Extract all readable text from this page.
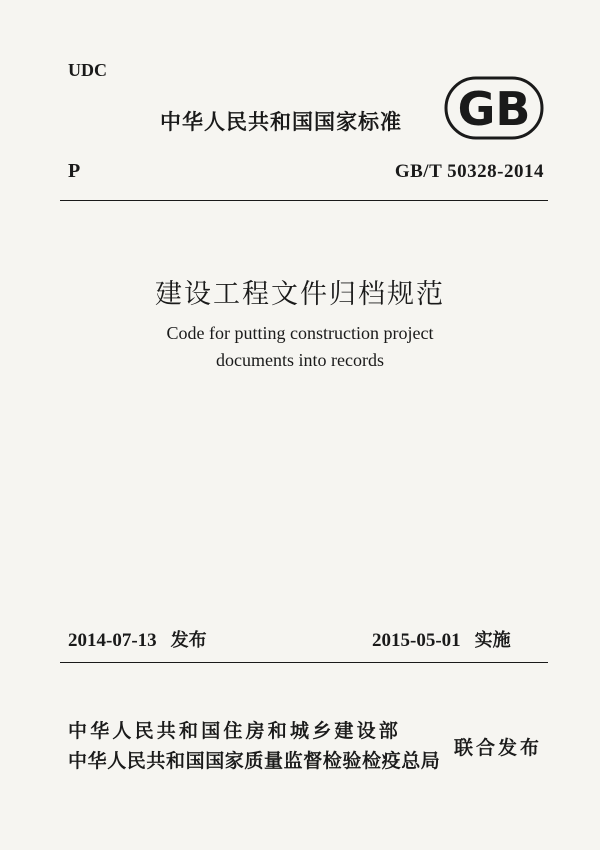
UDC
中华人民共和国国家标准 GB
P	GB/T 50328-2014
建设工程文件归档规范
Code for putting construction project
documents into records
2014-07-13 发布	2015-05-01 实施
中华人民共和国住房和城乡建设部
中华人民共和国国家质量监督检验检疫总局
联合发布
